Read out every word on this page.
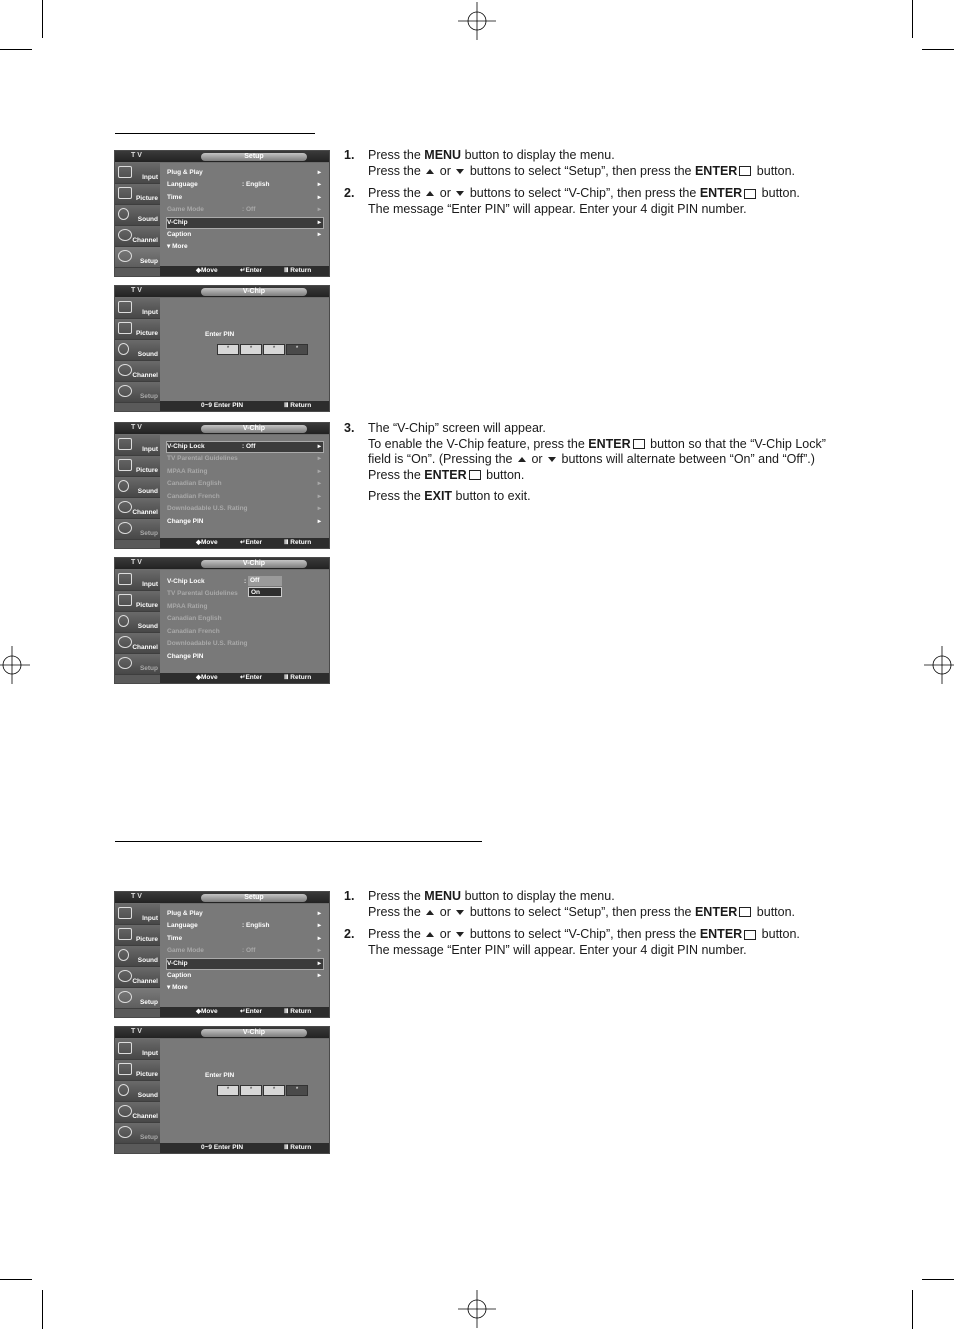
T V	Setup
Input
Picture
Sound
Channel
Setup
Plug & Play	▸
Language	: English	▸
Time	▸
Game Mode	: Off	▸
V-Chip	▸
Caption	▸
▾ More
◆Move	↵Enter	Ⅲ Return
T V	V-Chip
Input
Picture
Sound
Channel
Setup
Enter PIN
*	*	*	*
0~9 Enter PIN	Ⅲ Return
T V	V-Chip
Input
Picture
Sound
Channel
Setup
V-Chip Lock	: Off	▸
TV Parental Guidelines	▸
MPAA Rating	▸
Canadian English	▸
Canadian French	▸
Downloadable U.S. Rating	▸
Change PIN	▸
◆Move	↵Enter	Ⅲ Return
T V	V-Chip
Input
Picture
Sound
Channel
Setup
V-Chip Lock	:
TV Parental Guidelines
MPAA Rating
Canadian English
Canadian French
Downloadable U.S. Rating
Change PIN
Off
On
◆Move	↵Enter	Ⅲ Return
T V	Setup
Input
Picture
Sound
Channel
Setup
Plug & Play	▸
Language	: English	▸
Time	▸
Game Mode	: Off	▸
V-Chip	▸
Caption	▸
▾ More
◆Move	↵Enter	Ⅲ Return
T V	V-Chip
Input
Picture
Sound
Channel
Setup
Enter PIN
*	*	*	*
0~9 Enter PIN	Ⅲ Return
1. Press the MENU button to display the menu.
Press the  or  buttons to select “Setup”, then press the ENTER button.
2. Press the  or  buttons to select “V-Chip”, then press the ENTER button.
The message “Enter PIN” will appear. Enter your 4 digit PIN number.
3. The “V-Chip” screen will appear.
To enable the V-Chip feature, press the ENTER button so that the “V-Chip Lock”
field is “On”. (Pressing the  or  buttons will alternate between “On” and “Off”.)
Press the ENTER button.
Press the EXIT button to exit.
1. Press the MENU button to display the menu.
Press the  or  buttons to select “Setup”, then press the ENTER button.
2. Press the  or  buttons to select “V-Chip”, then press the ENTER button.
The message “Enter PIN” will appear. Enter your 4 digit PIN number.
